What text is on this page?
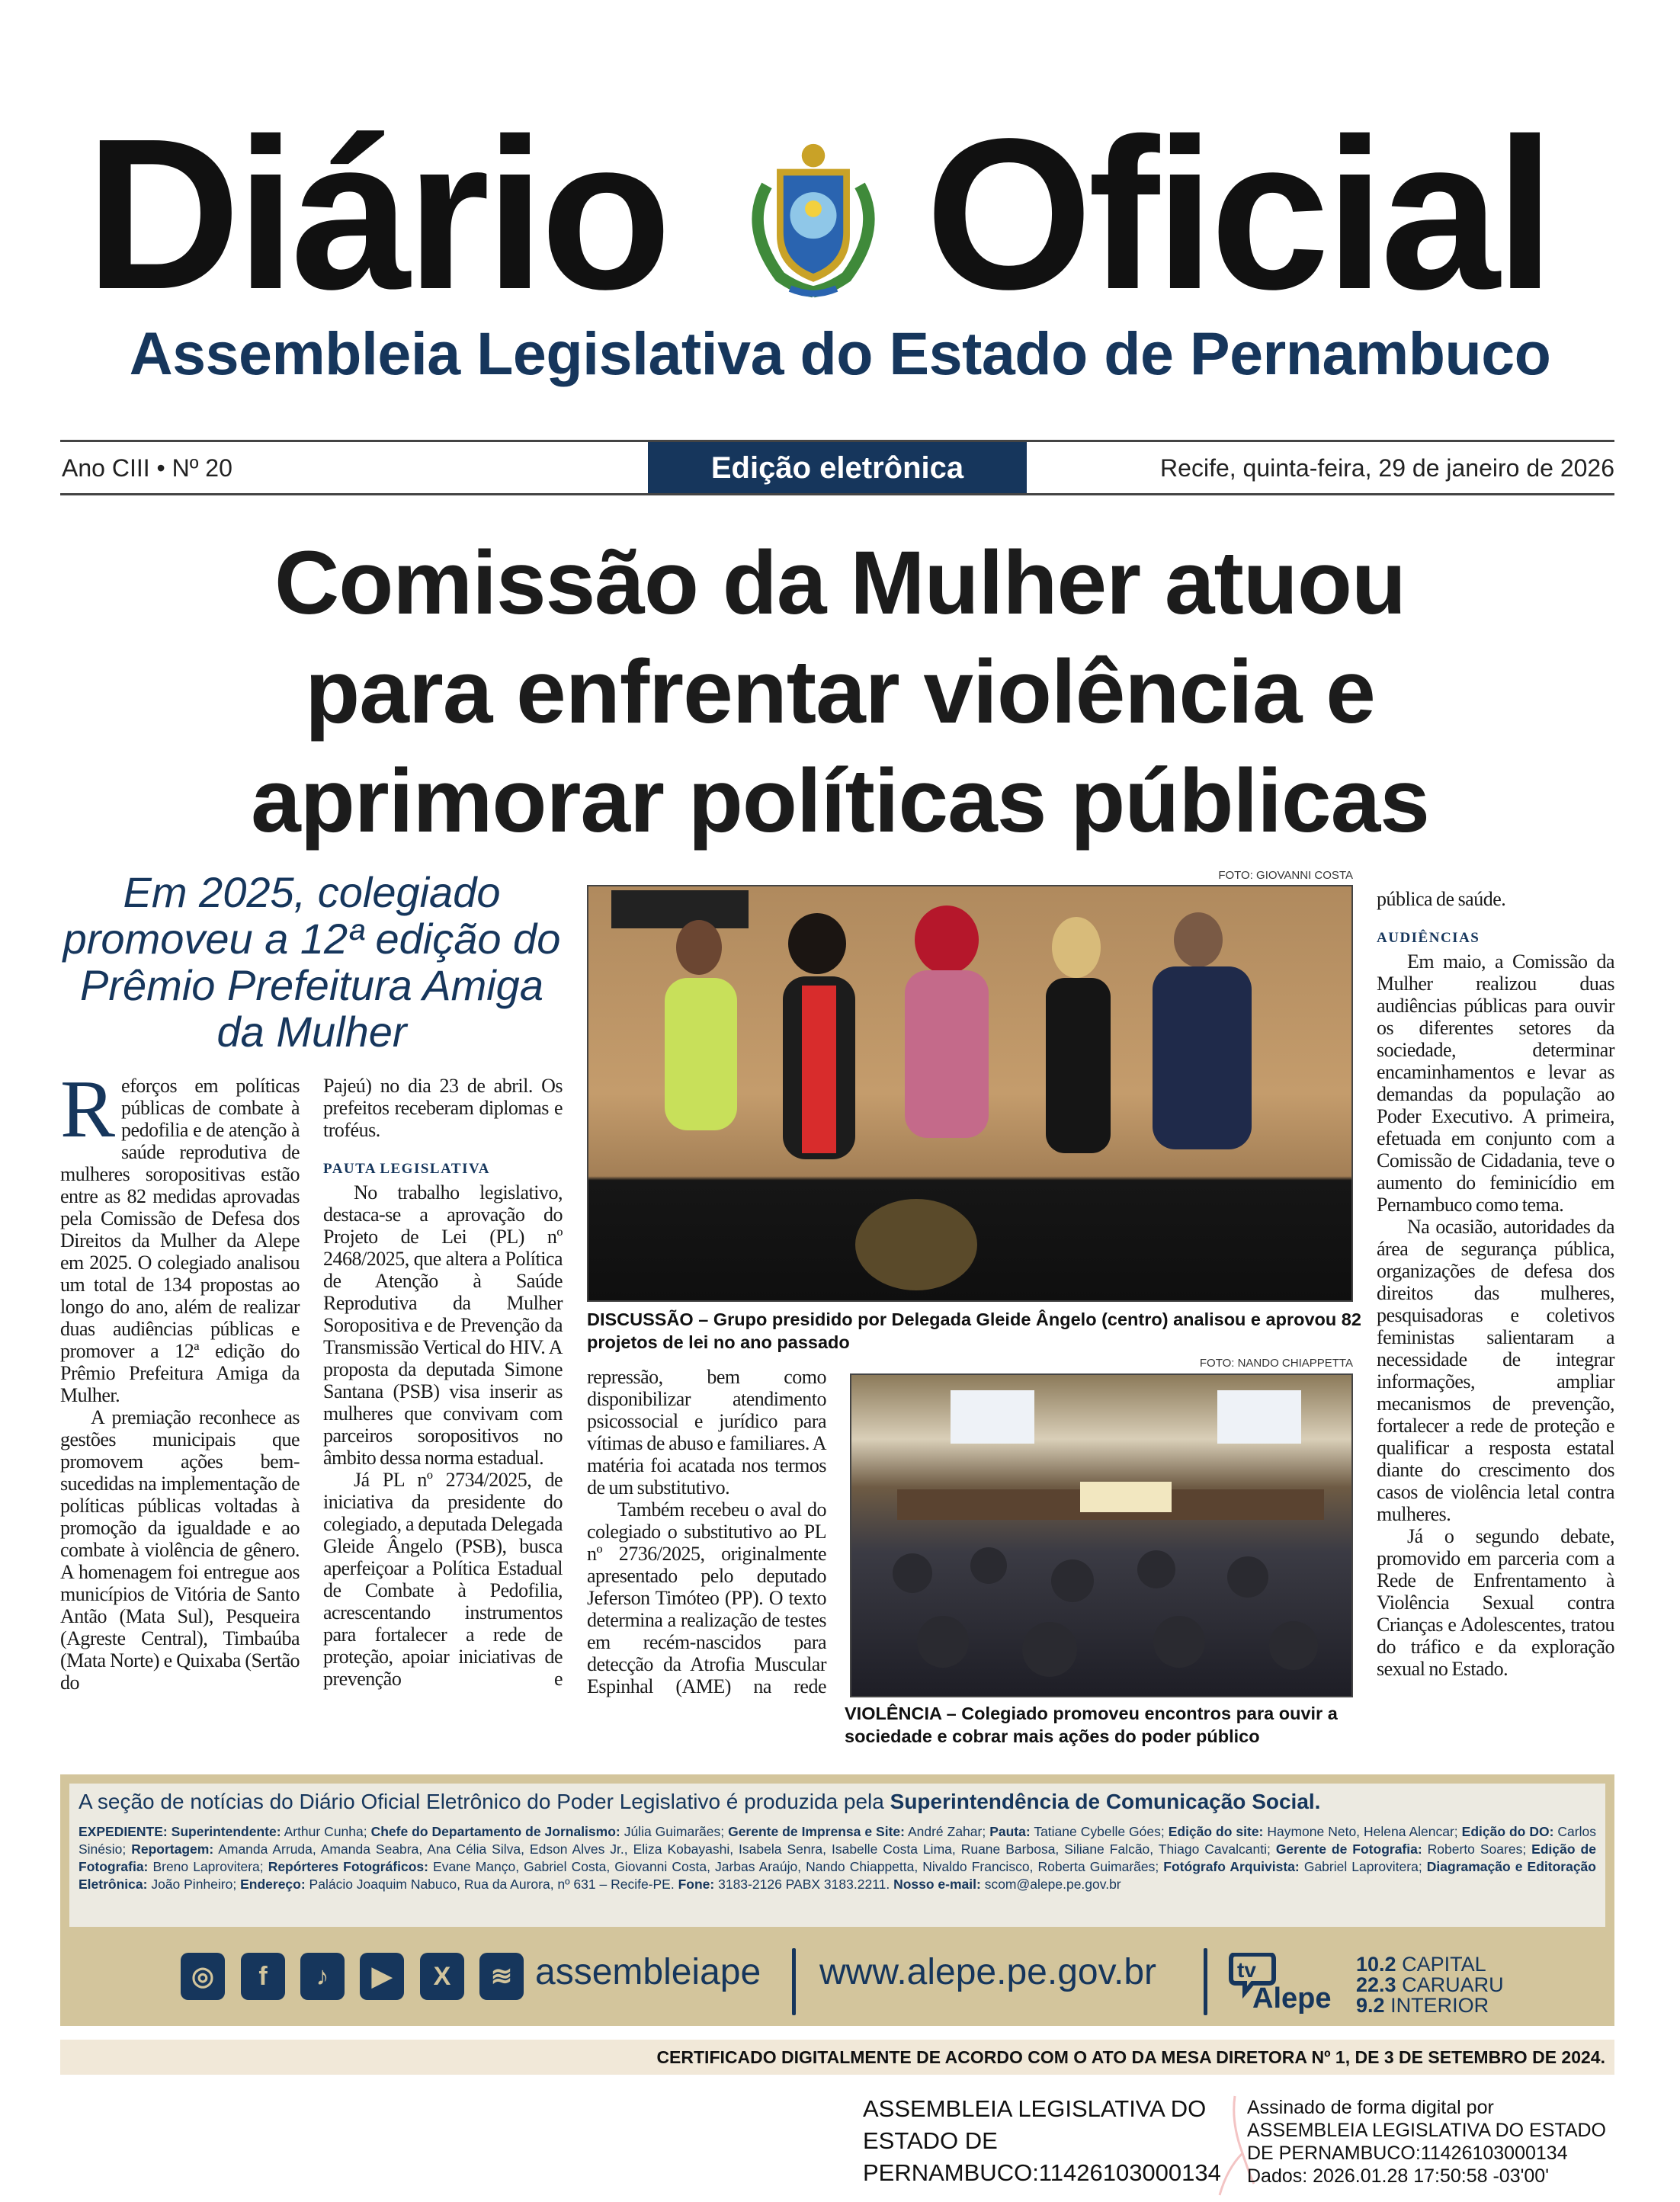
Diário Oficial
Assembleia Legislativa do Estado de Pernambuco
Ano CIII • Nº 20	Edição eletrônica	Recife, quinta-feira, 29 de janeiro de 2026
Comissão da Mulher atuou
para enfrentar violência e
aprimorar políticas públicas
Em 2025, colegiado promoveu a 12ª edição do Prêmio Prefeitura Amiga da Mulher

Reforços em políticas públicas de combate à pedofilia e de atenção à saúde reprodutiva de mulheres soropositivas estão entre as 82 medidas aprovadas pela Comissão de Defesa dos Direitos da Mulher da Alepe em 2025. O colegiado analisou um total de 134 propostas ao longo do ano, além de realizar duas audiências públicas e promover a 12ª edição do Prêmio Prefeitura Amiga da Mulher.

A premiação reconhece as gestões municipais que promovem ações bem-sucedidas na implementação de políticas públicas voltadas à promoção da igualdade e ao combate à violência de gênero. A homenagem foi entregue aos municípios de Vitória de Santo Antão (Mata Sul), Pesqueira (Agreste Central), Timbaúba (Mata Norte) e Quixaba (Sertão do

Pajeú) no dia 23 de abril. Os prefeitos receberam diplomas e troféus.

PAUTA LEGISLATIVA

No trabalho legislativo, destaca-se a aprovação do Projeto de Lei (PL) nº 2468/2025, que altera a Política de Atenção à Saúde Reprodutiva da Mulher Soropositiva e de Prevenção da Transmissão Vertical do HIV. A proposta da deputada Simone Santana (PSB) visa inserir as mulheres que convivam com parceiros soropositivos no âmbito dessa norma estadual.

Já PL nº 2734/2025, de iniciativa da presidente do colegiado, a deputada Delegada Gleide Ângelo (PSB), busca aperfeiçoar a Política Estadual de Combate à Pedofilia, acrescentando instrumentos para fortalecer a rede de proteção, apoiar iniciativas de prevenção e

FOTO: GIOVANNI COSTA
DISCUSSÃO – Grupo presidido por Delegada Gleide Ângelo (centro) analisou e aprovou 82 projetos de lei no ano passado

repressão, bem como disponibilizar atendimento psicossocial e jurídico para vítimas de abuso e familiares. A matéria foi acatada nos termos de um substitutivo.

Também recebeu o aval do colegiado o substitutivo ao PL nº 2736/2025, originalmente apresentado pelo deputado Jeferson Timóteo (PP). O texto determina a realização de testes em recém-nascidos para detecção da Atrofia Muscular Espinhal (AME) na rede

FOTO: NANDO CHIAPPETTA
VIOLÊNCIA – Colegiado promoveu encontros para ouvir a sociedade e cobrar mais ações do poder público

pública de saúde.

AUDIÊNCIAS

Em maio, a Comissão da Mulher realizou duas audiências públicas para ouvir os diferentes setores da sociedade, determinar encaminhamentos e levar as demandas da população ao Poder Executivo. A primeira, efetuada em conjunto com a Comissão de Cidadania, teve o aumento do feminicídio em Pernambuco como tema.

Na ocasião, autoridades da área de segurança pública, organizações de defesa dos direitos das mulheres, pesquisadoras e coletivos feministas salientaram a necessidade de integrar informações, ampliar mecanismos de prevenção, fortalecer a rede de proteção e qualificar a resposta estatal diante do crescimento dos casos de violência letal contra mulheres.

Já o segundo debate, promovido em parceria com a Rede de Enfrentamento à Violência Sexual contra Crianças e Adolescentes, tratou do tráfico e da exploração sexual no Estado.

A seção de notícias do Diário Oficial Eletrônico do Poder Legislativo é produzida pela Superintendência de Comunicação Social.
EXPEDIENTE: Superintendente: Arthur Cunha; Chefe do Departamento de Jornalismo: Júlia Guimarães; Gerente de Imprensa e Site: André Zahar; Pauta: Tatiane Cybelle Góes; Edição do site: Haymone Neto, Helena Alencar; Edição do DO: Carlos Sinésio; Reportagem: Amanda Arruda, Amanda Seabra, Ana Célia Silva, Edson Alves Jr., Eliza Kobayashi, Isabela Senra, Isabelle Costa Lima, Ruane Barbosa, Siliane Falcão, Thiago Cavalcanti; Gerente de Fotografia: Roberto Soares; Edição de Fotografia: Breno Laprovitera; Repórteres Fotográficos: Evane Manço, Gabriel Costa, Giovanni Costa, Jarbas Araújo, Nando Chiappetta, Nivaldo Francisco, Roberta Guimarães; Fotógrafo Arquivista: Gabriel Laprovitera; Diagramação e Editoração Eletrônica: João Pinheiro; Endereço: Palácio Joaquim Nabuco, Rua da Aurora, nº 631 – Recife-PE. Fone: 3183-2126 PABX 3183.2211. Nosso e-mail: scom@alepe.pe.gov.br
◎	f	♪	▶	X	≋ assembleiape www.alepe.pe.gov.br	tv
Alepe
10.2 CAPITAL
22.3 CARUARU
9.2 INTERIOR
CERTIFICADO DIGITALMENTE DE ACORDO COM O ATO DA MESA DIRETORA Nº 1, DE 3 DE SETEMBRO DE 2024.
ASSEMBLEIA LEGISLATIVA DO
ESTADO DE
PERNAMBUCO:11426103000134
Assinado de forma digital por
ASSEMBLEIA LEGISLATIVA DO ESTADO
DE PERNAMBUCO:11426103000134
Dados: 2026.01.28 17:50:58 -03'00'
